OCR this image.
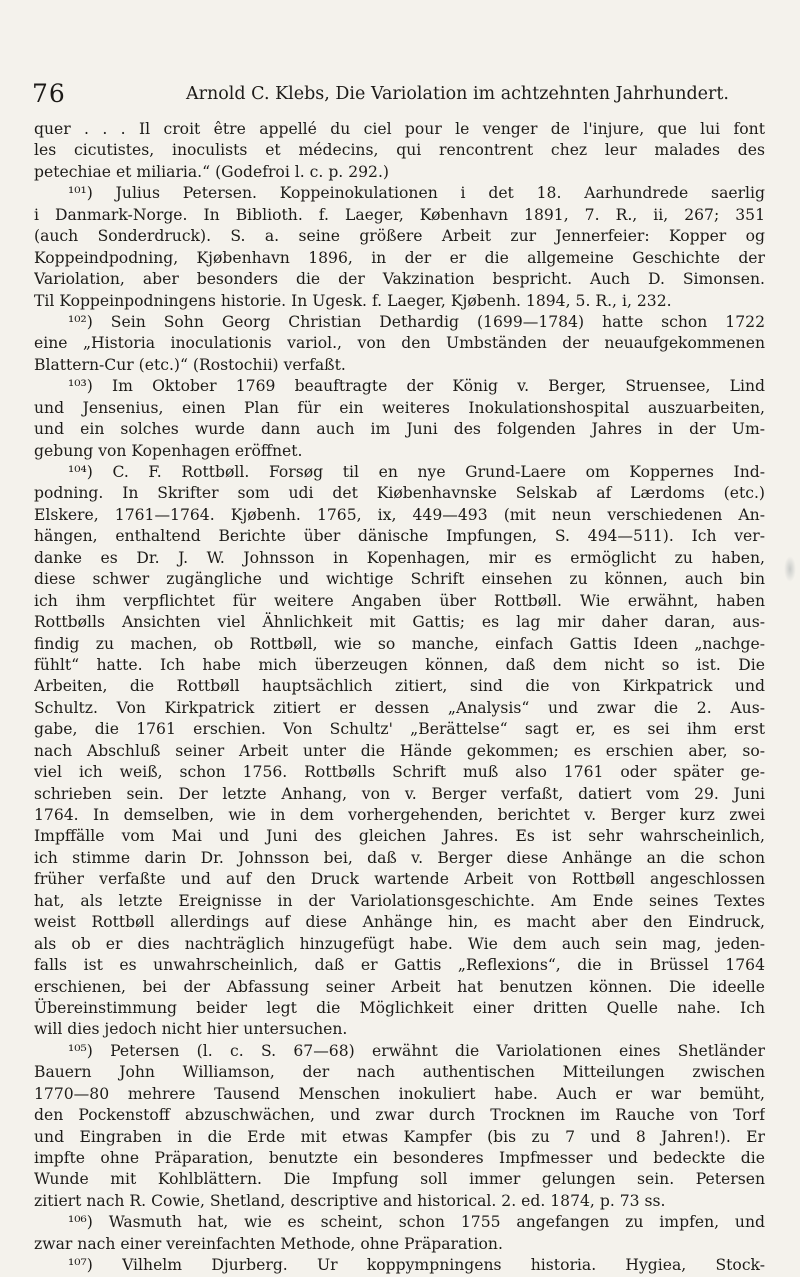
76	Arnold C. Klebs, Die Variolation im achtzehnten Jahrhundert.
quer . . . Il croit être appellé du ciel pour le venger de l'injure, que lui font
les cicutistes, inoculists et médecins, qui rencontrent chez leur malades des
petechiae et miliaria.“ (Godefroi l. c. p. 292.)
¹⁰¹) Julius Petersen. Koppeinokulationen i det 18. Aarhundrede saerlig
i Danmark-Norge. In Biblioth. f. Laeger, København 1891, 7. R., ii, 267; 351
(auch Sonderdruck). S. a. seine größere Arbeit zur Jennerfeier: Kopper og
Koppeindpodning, Kjøbenhavn 1896, in der er die allgemeine Geschichte der
Variolation, aber besonders die der Vakzination bespricht. Auch D. Simonsen.
Til Koppeinpodningens historie. In Ugesk. f. Laeger, Kjøbenh. 1894, 5. R., i, 232.
¹⁰²) Sein Sohn Georg Christian Dethardig (1699—1784) hatte schon 1722
eine „Historia inoculationis variol., von den Umbständen der neuaufgekommenen
Blattern-Cur (etc.)“ (Rostochii) verfaßt.
¹⁰³) Im Oktober 1769 beauftragte der König v. Berger, Struensee, Lind
und Jensenius, einen Plan für ein weiteres Inokulationshospital auszuarbeiten,
und ein solches wurde dann auch im Juni des folgenden Jahres in der Um-
gebung von Kopenhagen eröffnet.
¹⁰⁴) C. F. Rottbøll. Forsøg til en nye Grund-Laere om Koppernes Ind-
podning. In Skrifter som udi det Kiøbenhavnske Selskab af Lærdoms (etc.)
Elskere, 1761—1764. Kjøbenh. 1765, ix, 449—493 (mit neun verschiedenen An-
hängen, enthaltend Berichte über dänische Impfungen, S. 494—511). Ich ver-
danke es Dr. J. W. Johnsson in Kopenhagen, mir es ermöglicht zu haben,
diese schwer zugängliche und wichtige Schrift einsehen zu können, auch bin
ich ihm verpflichtet für weitere Angaben über Rottbøll. Wie erwähnt, haben
Rottbølls Ansichten viel Ähnlichkeit mit Gattis; es lag mir daher daran, aus-
findig zu machen, ob Rottbøll, wie so manche, einfach Gattis Ideen „nachge-
fühlt“ hatte. Ich habe mich überzeugen können, daß dem nicht so ist. Die
Arbeiten, die Rottbøll hauptsächlich zitiert, sind die von Kirkpatrick und
Schultz. Von Kirkpatrick zitiert er dessen „Analysis“ und zwar die 2. Aus-
gabe, die 1761 erschien. Von Schultz' „Berättelse“ sagt er, es sei ihm erst
nach Abschluß seiner Arbeit unter die Hände gekommen; es erschien aber, so-
viel ich weiß, schon 1756. Rottbølls Schrift muß also 1761 oder später ge-
schrieben sein. Der letzte Anhang, von v. Berger verfaßt, datiert vom 29. Juni
1764. In demselben, wie in dem vorhergehenden, berichtet v. Berger kurz zwei
Impffälle vom Mai und Juni des gleichen Jahres. Es ist sehr wahrscheinlich,
ich stimme darin Dr. Johnsson bei, daß v. Berger diese Anhänge an die schon
früher verfaßte und auf den Druck wartende Arbeit von Rottbøll angeschlossen
hat, als letzte Ereignisse in der Variolationsgeschichte. Am Ende seines Textes
weist Rottbøll allerdings auf diese Anhänge hin, es macht aber den Eindruck,
als ob er dies nachträglich hinzugefügt habe. Wie dem auch sein mag, jeden-
falls ist es unwahrscheinlich, daß er Gattis „Reflexions“, die in Brüssel 1764
erschienen, bei der Abfassung seiner Arbeit hat benutzen können. Die ideelle
Übereinstimmung beider legt die Möglichkeit einer dritten Quelle nahe. Ich
will dies jedoch nicht hier untersuchen.
¹⁰⁵) Petersen (l. c. S. 67—68) erwähnt die Variolationen eines Shetländer
Bauern John Williamson, der nach authentischen Mitteilungen zwischen
1770—80 mehrere Tausend Menschen inokuliert habe. Auch er war bemüht,
den Pockenstoff abzuschwächen, und zwar durch Trocknen im Rauche von Torf
und Eingraben in die Erde mit etwas Kampfer (bis zu 7 und 8 Jahren!). Er
impfte ohne Präparation, benutzte ein besonderes Impfmesser und bedeckte die
Wunde mit Kohlblättern. Die Impfung soll immer gelungen sein. Petersen
zitiert nach R. Cowie, Shetland, descriptive and historical. 2. ed. 1874, p. 73 ss.
¹⁰⁶) Wasmuth hat, wie es scheint, schon 1755 angefangen zu impfen, und
zwar nach einer vereinfachten Methode, ohne Präparation.
¹⁰⁷) Vilhelm Djurberg. Ur koppympningens historia. Hygiea, Stock-
